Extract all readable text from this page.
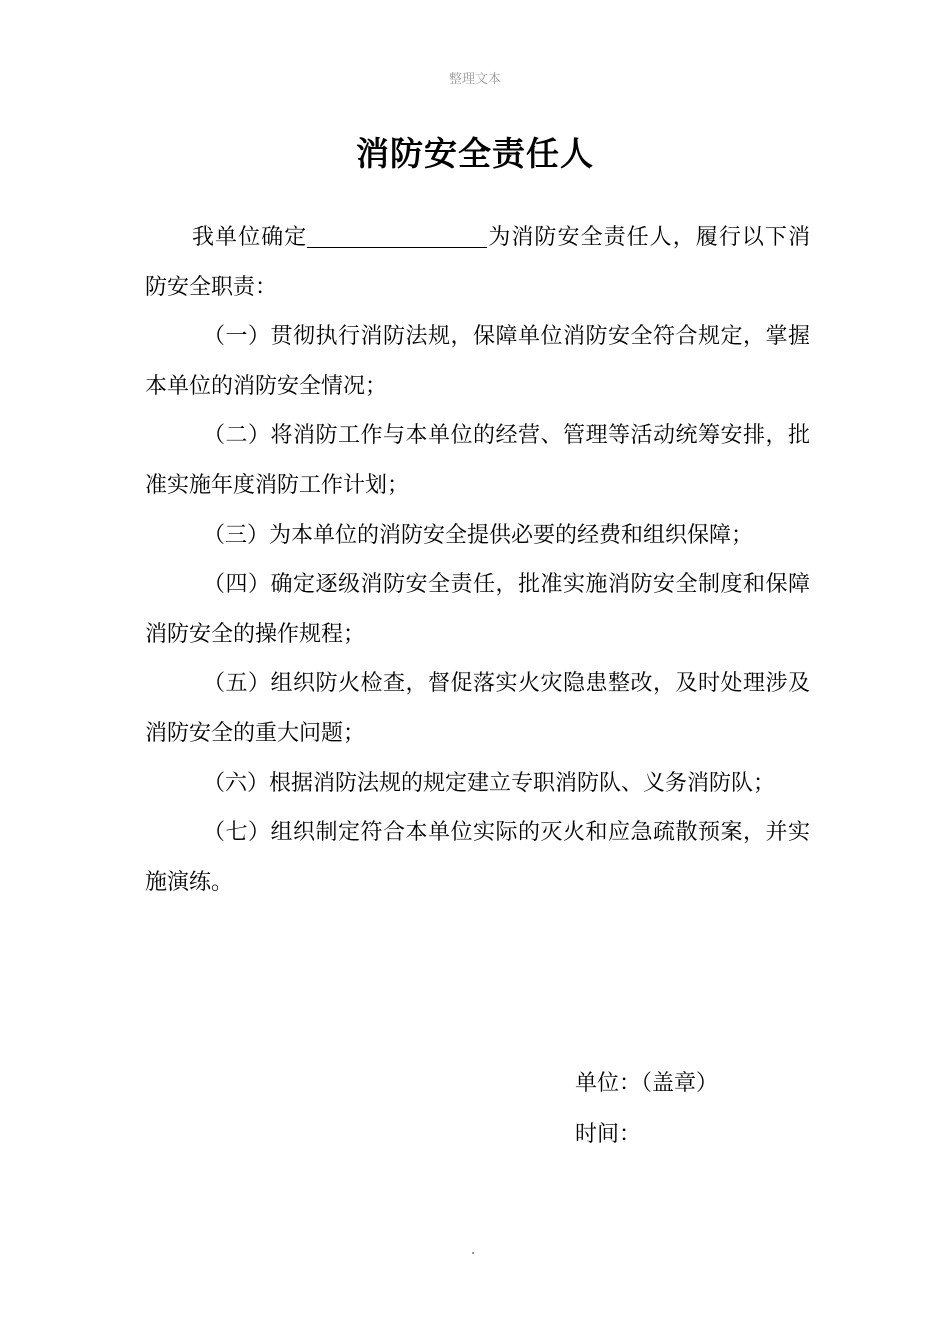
整理文本
消防安全责任人

我单位确定	为消防安全责任人，履行以下消防安全职责：

（一）贯彻执行消防法规，保障单位消防安全符合规定，掌握本单位的消防安全情况；

（二）将消防工作与本单位的经营、管理等活动统筹安排，批准实施年度消防工作计划；

（三）为本单位的消防安全提供必要的经费和组织保障；

（四）确定逐级消防安全责任，批准实施消防安全制度和保障消防安全的操作规程；

（五）组织防火检查，督促落实火灾隐患整改，及时处理涉及消防安全的重大问题；

（六）根据消防法规的规定建立专职消防队、义务消防队；

（七）组织制定符合本单位实际的灭火和应急疏散预案，并实施演练。

单位：（盖章）
时间：
